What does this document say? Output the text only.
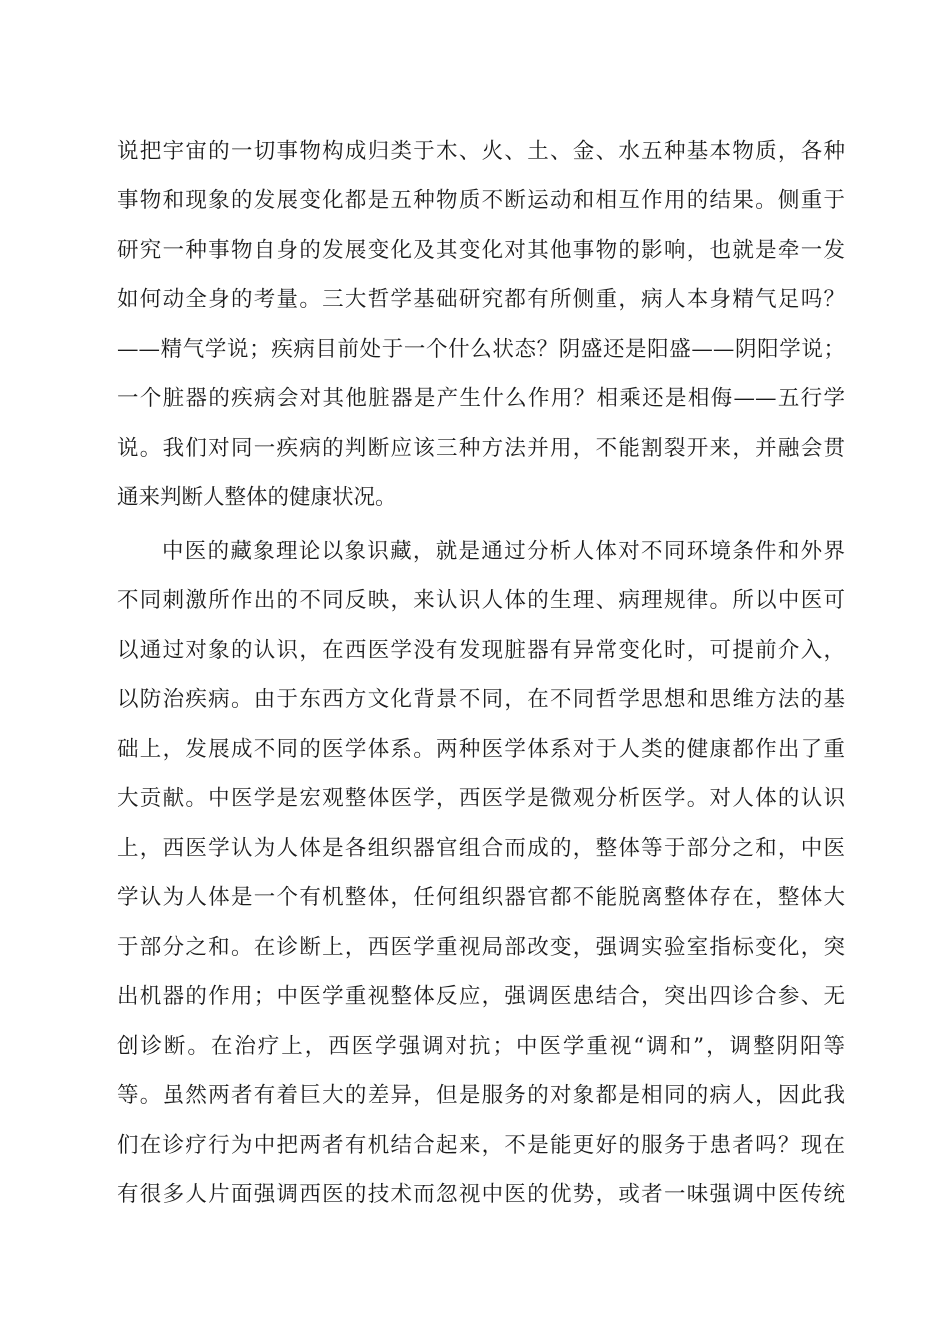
说把宇宙的一切事物构成归类于木、火、土、金、水五种基本物质，各种
事物和现象的发展变化都是五种物质不断运动和相互作用的结果。侧重于
研究一种事物自身的发展变化及其变化对其他事物的影响，也就是牵一发
如何动全身的考量。三大哲学基础研究都有所侧重，病人本身精气足吗？
——精气学说；疾病目前处于一个什么状态？阴盛还是阳盛——阴阳学说；
一个脏器的疾病会对其他脏器是产生什么作用？相乘还是相侮——五行学
说。我们对同一疾病的判断应该三种方法并用，不能割裂开来，并融会贯
通来判断人整体的健康状况。
中医的藏象理论以象识藏，就是通过分析人体对不同环境条件和外界
不同刺激所作出的不同反映，来认识人体的生理、病理规律。所以中医可
以通过对象的认识，在西医学没有发现脏器有异常变化时，可提前介入，
以防治疾病。由于东西方文化背景不同，在不同哲学思想和思维方法的基
础上，发展成不同的医学体系。两种医学体系对于人类的健康都作出了重
大贡献。中医学是宏观整体医学，西医学是微观分析医学。对人体的认识
上，西医学认为人体是各组织器官组合而成的，整体等于部分之和，中医
学认为人体是一个有机整体，任何组织器官都不能脱离整体存在，整体大
于部分之和。在诊断上，西医学重视局部改变，强调实验室指标变化，突
出机器的作用；中医学重视整体反应，强调医患结合，突出四诊合参、无
创诊断。在治疗上，西医学强调对抗；中医学重视“调和”，调整阴阳等
等。虽然两者有着巨大的差异，但是服务的对象都是相同的病人，因此我
们在诊疗行为中把两者有机结合起来，不是能更好的服务于患者吗？现在
有很多人片面强调西医的技术而忽视中医的优势，或者一味强调中医传统
